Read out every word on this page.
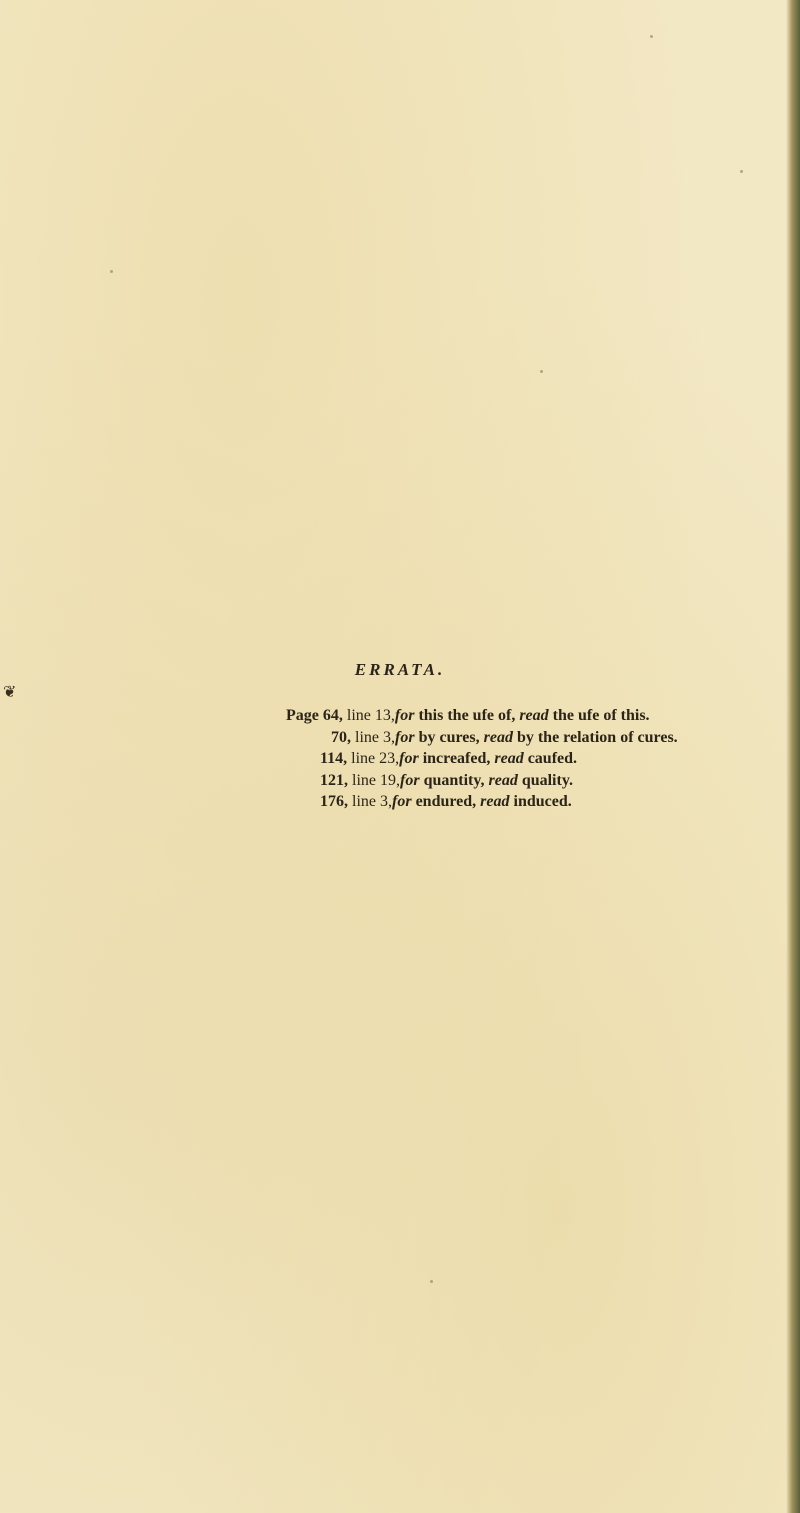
❦
ERRATA.
Page 64, line 13,for this the ufe of, read the ufe of this.
70, line 3,for by cures, read by the relation of cures.
114, line 23,for increafed, read caufed.
121, line 19,for quantity, read quality.
176, line 3,for endured, read induced.
